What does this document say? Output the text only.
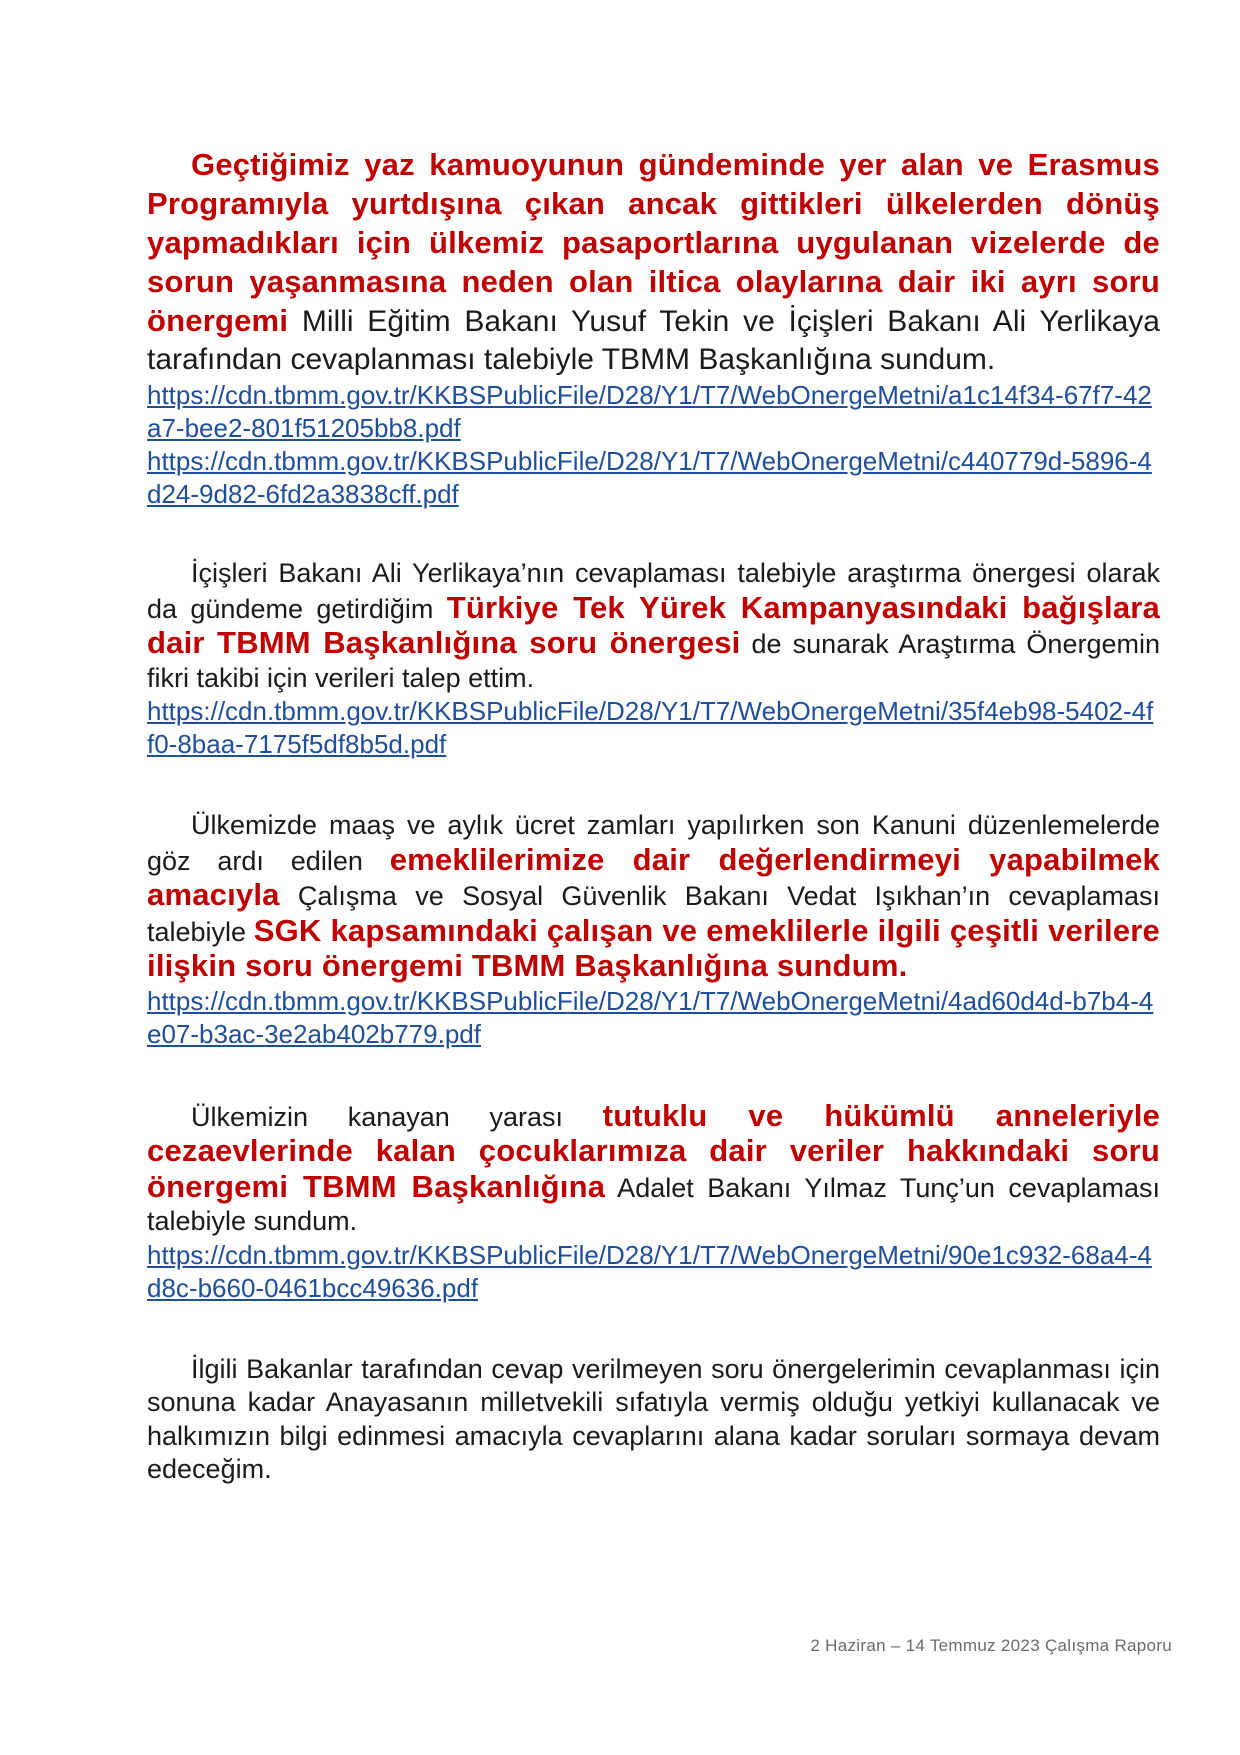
Geçtiğimiz yaz kamuoyunun gündeminde yer alan ve Erasmus Programıyla yurtdışına çıkan ancak gittikleri ülkelerden dönüş yapmadıkları için ülkemiz pasaportlarına uygulanan vizelerde de sorun yaşanmasına neden olan iltica olaylarına dair iki ayrı soru önergemi Milli Eğitim Bakanı Yusuf Tekin ve İçişleri Bakanı Ali Yerlikaya tarafından cevaplanması talebiyle TBMM Başkanlığına sundum.

https://cdn.tbmm.gov.tr/KKBSPublicFile/D28/Y1/T7/WebOnergeMetni/a1c14f34-67f7-42a7-bee2-801f51205bb8.pdf
https://cdn.tbmm.gov.tr/KKBSPublicFile/D28/Y1/T7/WebOnergeMetni/c440779d-5896-4d24-9d82-6fd2a3838cff.pdf

İçişleri Bakanı Ali Yerlikaya’nın cevaplaması talebiyle araştırma önergesi olarak da gündeme getirdiğim Türkiye Tek Yürek Kampanyasındaki bağışlara dair TBMM Başkanlığına soru önergesi de sunarak Araştırma Önergemin fikri takibi için verileri talep ettim.

https://cdn.tbmm.gov.tr/KKBSPublicFile/D28/Y1/T7/WebOnergeMetni/35f4eb98-5402-4ff0-8baa-7175f5df8b5d.pdf

Ülkemizde maaş ve aylık ücret zamları yapılırken son Kanuni düzenlemelerde göz ardı edilen emeklilerimize dair değerlendirmeyi yapabilmek amacıyla Çalışma ve Sosyal Güvenlik Bakanı Vedat Işıkhan’ın cevaplaması talebiyle SGK kapsamındaki çalışan ve emeklilerle ilgili çeşitli verilere ilişkin soru önergemi TBMM Başkanlığına sundum.

https://cdn.tbmm.gov.tr/KKBSPublicFile/D28/Y1/T7/WebOnergeMetni/4ad60d4d-b7b4-4e07-b3ac-3e2ab402b779.pdf

Ülkemizin kanayan yarası tutuklu ve hükümlü anneleriyle cezaevlerinde kalan çocuklarımıza dair veriler hakkındaki soru önergemi TBMM Başkanlığına Adalet Bakanı Yılmaz Tunç’un cevaplaması talebiyle sundum.

https://cdn.tbmm.gov.tr/KKBSPublicFile/D28/Y1/T7/WebOnergeMetni/90e1c932-68a4-4d8c-b660-0461bcc49636.pdf

İlgili Bakanlar tarafından cevap verilmeyen soru önergelerimin cevaplanması için sonuna kadar Anayasanın milletvekili sıfatıyla vermiş olduğu yetkiyi kullanacak ve halkımızın bilgi edinmesi amacıyla cevaplarını alana kadar soruları sormaya devam edeceğim.

2 Haziran – 14 Temmuz 2023 Çalışma Raporu
